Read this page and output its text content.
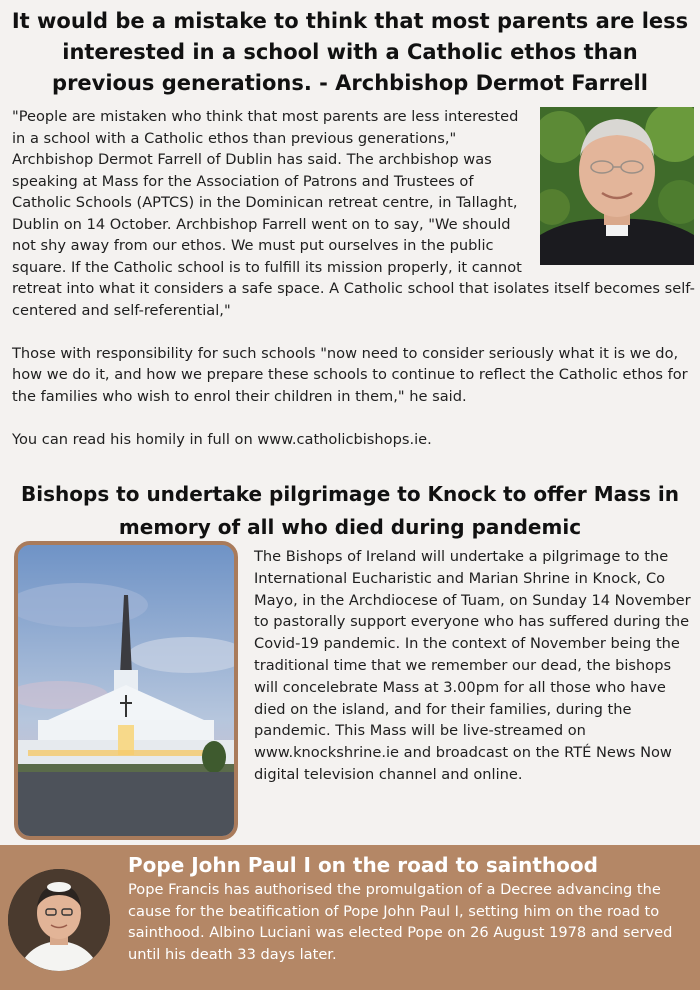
It would be a mistake to think that most parents are less interested in a school with a Catholic ethos than previous generations. - Archbishop Dermot Farrell

"People are mistaken who think that most parents are less interested in a school with a Catholic ethos than previous generations," Archbishop Dermot Farrell of Dublin has said. The archbishop was speaking at Mass for the Association of Patrons and Trustees of Catholic Schools (APTCS) in the Dominican retreat centre, in Tallaght, Dublin on 14 October. Archbishop Farrell went on to say, "We should not shy away from our ethos. We must put ourselves in the public square. If the Catholic school is to fulfill its mission properly, it cannot retreat into what it considers a safe space. A Catholic school that isolates itself becomes self-centered and self-referential,"

Those with responsibility for such schools "now need to consider seriously what it is we do, how we do it, and how we prepare these schools to continue to reflect the Catholic ethos for the families who wish to enrol their children in them," he said.

You can read his homily in full on www.catholicbishops.ie.

Bishops to undertake pilgrimage to Knock to offer Mass in memory of all who died during pandemic
The Bishops of Ireland will undertake a pilgrimage to the International Eucharistic and Marian Shrine in Knock, Co Mayo, in the Archdiocese of Tuam, on Sunday 14 November to pastorally support everyone who has suffered during the Covid-19 pandemic. In the context of November being the traditional time that we remember our dead, the bishops will concelebrate Mass at 3.00pm for all those who have died on the island, and for their families, during the pandemic. This Mass will be live-streamed on www.knockshrine.ie and broadcast on the RTÉ News Now digital television channel and online.
Pope John Paul I on the road to sainthood
Pope Francis has authorised the promulgation of a Decree advancing the cause for the beatification of Pope John Paul I, setting him on the road to sainthood. Albino Luciani was elected Pope on 26 August 1978 and served until his death 33 days later.
